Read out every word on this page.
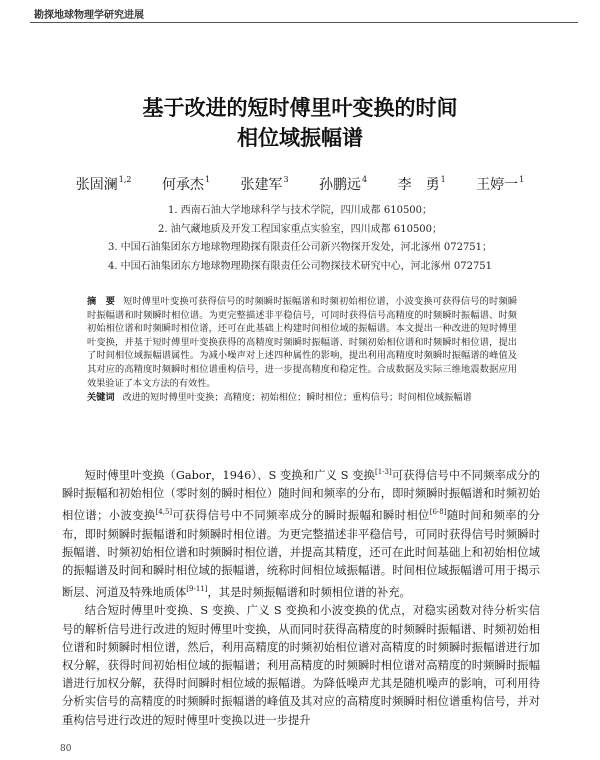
勘探地球物理学研究进展
基于改进的短时傅里叶变换的时间
相位域振幅谱
张固澜$^{1,2}$ 何承杰$^1$ 张建军$^3$ 孙鹏远$^4$ 李　勇$^1$ 王婷一$^1$
1. 西南石油大学地球科学与技术学院，四川成都 610500；
2. 油气藏地质及开发工程国家重点实验室，四川成都 610500；
3. 中国石油集团东方地球物理勘探有限责任公司新兴物探开发处，河北涿州 072751；
4. 中国石油集团东方地球物理勘探有限责任公司物探技术研究中心，河北涿州 072751
摘　要 短时傅里叶变换可获得信号的时频瞬时振幅谱和时频初始相位谱，小波变换可获得信号的时频瞬时振幅谱和时频瞬时相位谱。为更完整描述非平稳信号，可同时获得信号高精度的时频瞬时振幅谱、时频初始相位谱和时频瞬时相位谱，还可在此基础上构建时间相位域的振幅谱。本文提出一种改进的短时傅里叶变换，并基于短时傅里叶变换获得的高精度时频瞬时振幅谱、时频初始相位谱和时频瞬时相位谱，提出了时间相位域振幅谱属性。为减小噪声对上述四种属性的影响，提出利用高精度时频瞬时振幅谱的峰值及其对应的高精度时频瞬时相位谱重构信号，进一步提高精度和稳定性。合成数据及实际三维地震数据应用效果验证了本文方法的有效性。
关键词 改进的短时傅里叶变换；高精度；初始相位；瞬时相位；重构信号；时间相位域振幅谱

短时傅里叶变换（Gabor，1946）、S 变换和广义 S 变换[1-3]可获得信号中不同频率成分的瞬时振幅和初始相位（零时刻的瞬时相位）随时间和频率的分布，即时频瞬时振幅谱和时频初始相位谱；小波变换[4,5]可获得信号中不同频率成分的瞬时振幅和瞬时相位[6-8]随时间和频率的分布，即时频瞬时振幅谱和时频瞬时相位谱。为更完整描述非平稳信号，可同时获得信号时频瞬时振幅谱、时频初始相位谱和时频瞬时相位谱，并提高其精度，还可在此时间基础上和初始相位域的振幅谱及时间和瞬时相位域的振幅谱，统称时间相位域振幅谱。时间相位域振幅谱可用于揭示断层、河道及特殊地质体[9-11]，其是时频振幅谱和时频相位谱的补充。

结合短时傅里叶变换、S 变换、广义 S 变换和小波变换的优点，对稳实函数对待分析实信号的解析信号进行改进的短时傅里叶变换，从而同时获得高精度的时频瞬时振幅谱、时频初始相位谱和时频瞬时相位谱，然后，利用高精度的时频初始相位谱对高精度的时频瞬时振幅谱进行加权分解，获得时间初始相位域的振幅谱；利用高精度的时频瞬时相位谱对高精度的时频瞬时振幅谱进行加权分解，获得时间瞬时相位域的振幅谱。为降低噪声尤其是随机噪声的影响，可利用待分析实信号的高精度的时频瞬时振幅谱的峰值及其对应的高精度时频瞬时相位谱重构信号，并对重构信号进行改进的短时傅里叶变换以进一步提升

80
